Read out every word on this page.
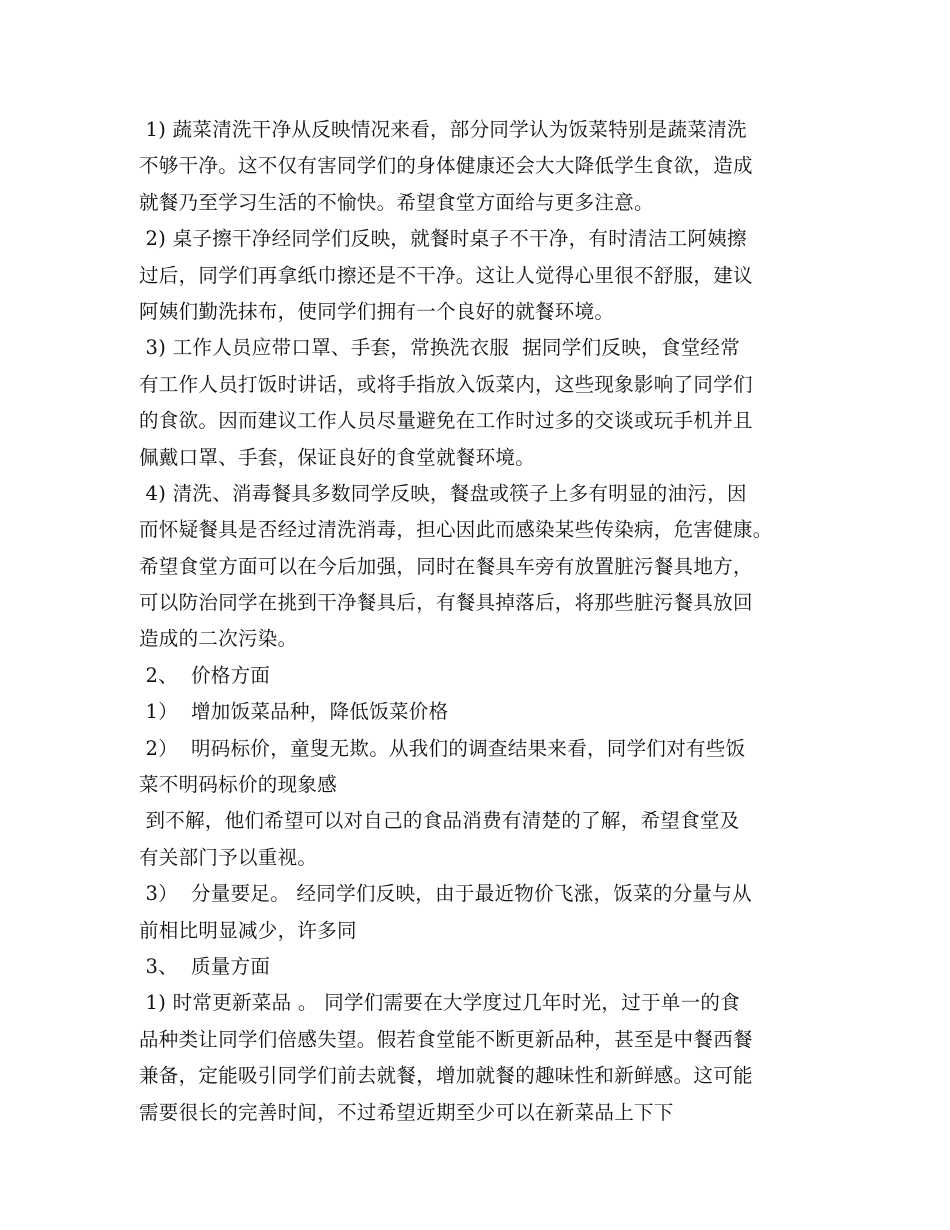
1) 蔬菜清洗干净从反映情况来看，部分同学认为饭菜特别是蔬菜清洗
不够干净。这不仅有害同学们的身体健康还会大大降低学生食欲，造成
就餐乃至学习生活的不愉快。希望食堂方面给与更多注意。
2) 桌子擦干净经同学们反映，就餐时桌子不干净，有时清洁工阿姨擦
过后，同学们再拿纸巾擦还是不干净。这让人觉得心里很不舒服，建议
阿姨们勤洗抹布，使同学们拥有一个良好的就餐环境。
3) 工作人员应带口罩、手套，常换洗衣服  据同学们反映，食堂经常
有工作人员打饭时讲话，或将手指放入饭菜内，这些现象影响了同学们
的食欲。因而建议工作人员尽量避免在工作时过多的交谈或玩手机并且
佩戴口罩、手套，保证良好的食堂就餐环境。
4) 清洗、消毒餐具多数同学反映，餐盘或筷子上多有明显的油污，因
而怀疑餐具是否经过清洗消毒，担心因此而感染某些传染病，危害健康。
希望食堂方面可以在今后加强，同时在餐具车旁有放置脏污餐具地方，
可以防治同学在挑到干净餐具后，有餐具掉落后，将那些脏污餐具放回
造成的二次污染。
2、  价格方面
1）  增加饭菜品种，降低饭菜价格
2）  明码标价，童叟无欺。从我们的调查结果来看，同学们对有些饭
菜不明码标价的现象感
到不解，他们希望可以对自己的食品消费有清楚的了解，希望食堂及
有关部门予以重视。
3）  分量要足。 经同学们反映，由于最近物价飞涨，饭菜的分量与从
前相比明显减少，许多同
3、  质量方面
1) 时常更新菜品 。 同学们需要在大学度过几年时光，过于单一的食
品种类让同学们倍感失望。假若食堂能不断更新品种，甚至是中餐西餐
兼备，定能吸引同学们前去就餐，增加就餐的趣味性和新鲜感。这可能
需要很长的完善时间，不过希望近期至少可以在新菜品上下下
